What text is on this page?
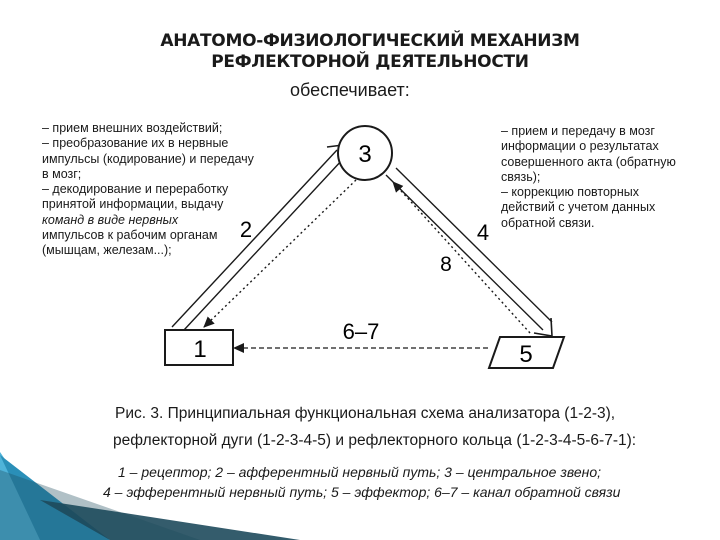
АНАТОМО-ФИЗИОЛОГИЧЕСКИЙ МЕХАНИЗМ
РЕФЛЕКТОРНОЙ ДЕЯТЕЛЬНОСТИ
обеспечивает:
– прием внешних воздействий;
– преобразование их в нервные
импульсы (кодирование) и передачу
в мозг;
– декодирование и переработку
принятой информации, выдачу
команд в виде нервных
импульсов к рабочим органам
(мышцам, железам...);
– прием и передачу в мозг
информации о результатах
совершенного акта (обратную
связь);
– коррекцию повторных
действий с учетом данных
обратной связи.
3
1	5
2	4
8
6–7
Рис. 3. Принципиальная функциональная схема анализатора (1-2-3),
рефлекторной дуги (1-2-3-4-5) и рефлекторного кольца (1-2-3-4-5-6-7-1):
1 – рецептор; 2 – афферентный нервный путь; 3 – центральное звено;
4 – эфферентный нервный путь; 5 – эффектор; 6–7 – канал обратной связи
